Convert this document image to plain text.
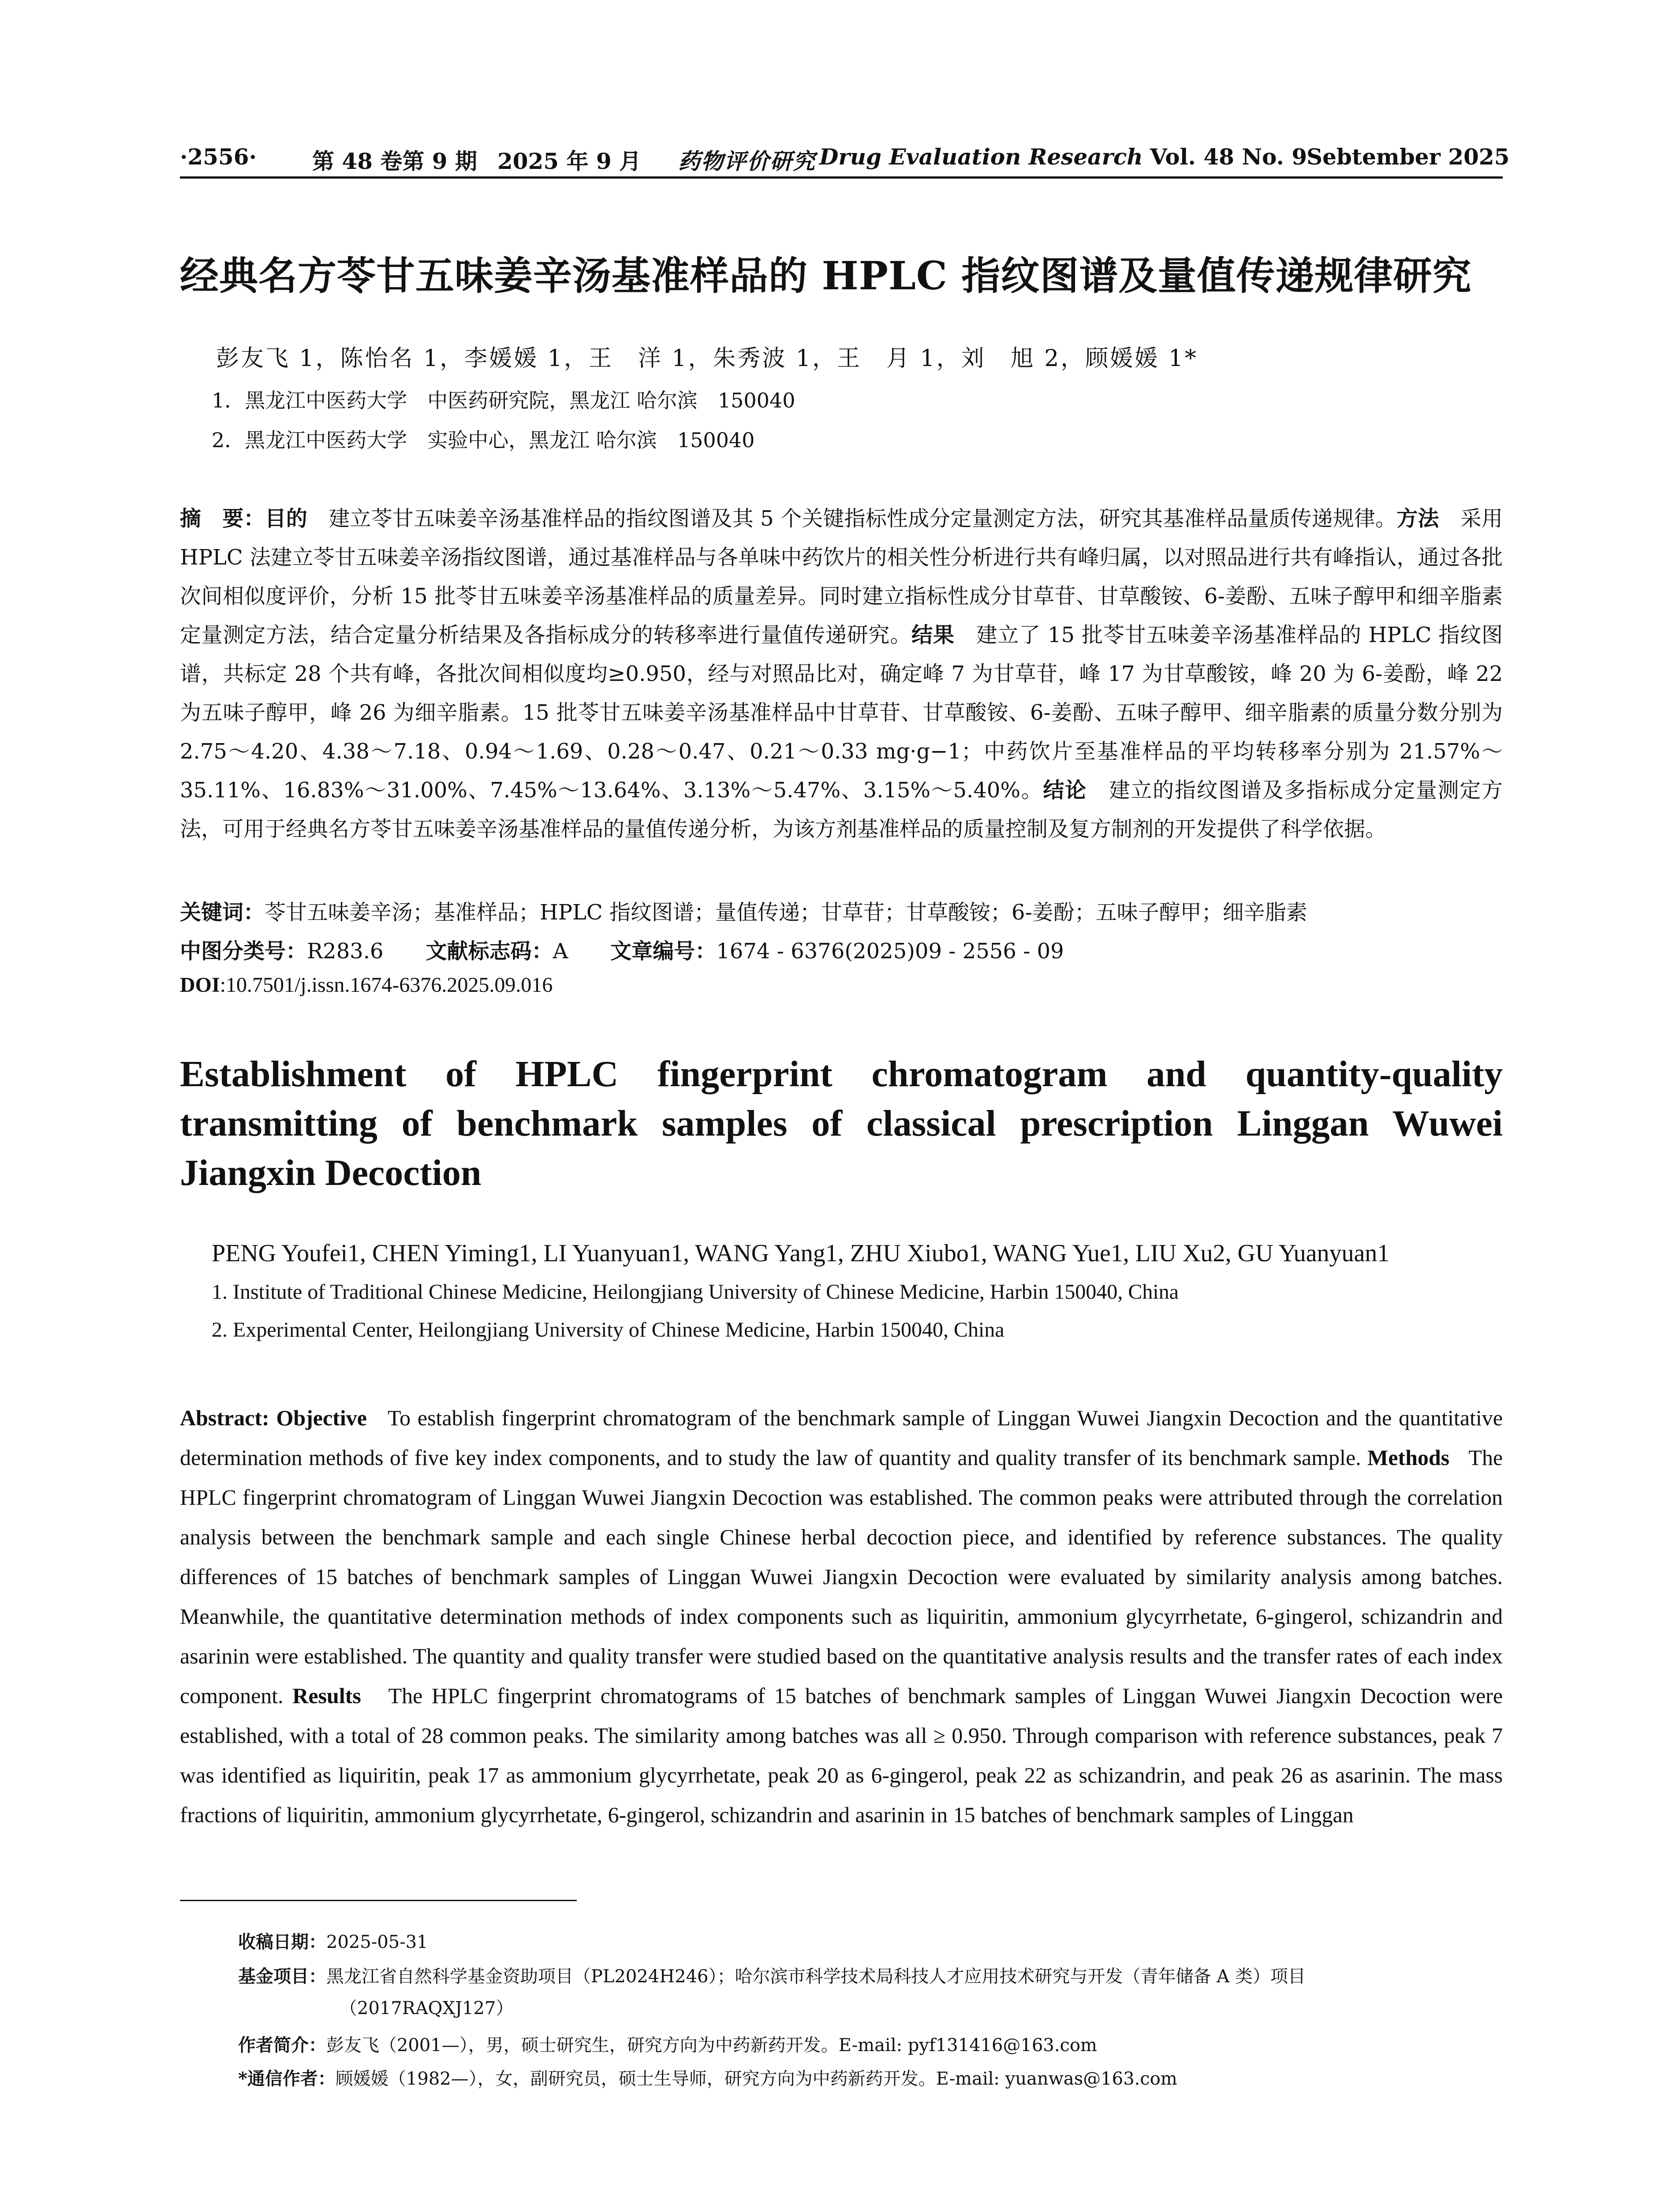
·2556·	第 48 卷第 9 期 2025 年 9 月 药物评价研究 Drug Evaluation Research Vol. 48 No. 9
Sebtember 2025
经典名方苓甘五味姜辛汤基准样品的 HPLC 指纹图谱及量值传递规律研究
彭友飞 1，陈怡名 1，李媛媛 1，王　洋 1，朱秀波 1，王　月 1，刘　旭 2，顾媛媛 1*
1．黑龙江中医药大学　中医药研究院，黑龙江 哈尔滨　150040
2．黑龙江中医药大学　实验中心，黑龙江 哈尔滨　150040
摘　要：目的　 建立苓甘五味姜辛汤基准样品的指纹图谱及其 5 个关键指标性成分定量测定方法，研究其基准样品量质传递规律。方法　 采用 HPLC 法建立苓甘五味姜辛汤指纹图谱，通过基准样品与各单味中药饮片的相关性分析进行共有峰归属，以对照品进行共有峰指认，通过各批次间相似度评价，分析 15 批苓甘五味姜辛汤基准样品的质量差异。同时建立指标性成分甘草苷、甘草酸铵、6-姜酚、五味子醇甲和细辛脂素定量测定方法，结合定量分析结果及各指标成分的转移率进行量值传递研究。结果　 建立了 15 批苓甘五味姜辛汤基准样品的 HPLC 指纹图谱，共标定 28 个共有峰，各批次间相似度均≥0.950，经与对照品比对，确定峰 7 为甘草苷，峰 17 为甘草酸铵，峰 20 为 6-姜酚，峰 22 为五味子醇甲，峰 26 为细辛脂素。15 批苓甘五味姜辛汤基准样品中甘草苷、甘草酸铵、6-姜酚、五味子醇甲、细辛脂素的质量分数分别为 2.75～4.20、4.38～7.18、0.94～1.69、0.28～0.47、0.21～0.33 mg·g−1；中药饮片至基准样品的平均转移率分别为 21.57%～35.11%、16.83%～31.00%、7.45%～13.64%、3.13%～5.47%、3.15%～5.40%。结论　 建立的指纹图谱及多指标成分定量测定方法，可用于经典名方苓甘五味姜辛汤基准样品的量值传递分析，为该方剂基准样品的质量控制及复方制剂的开发提供了科学依据。
关键词：苓甘五味姜辛汤；基准样品；HPLC 指纹图谱；量值传递；甘草苷；甘草酸铵；6-姜酚；五味子醇甲；细辛脂素
中图分类号：R283.6　　 文献标志码：A　　 文章编号：1674 - 6376(2025)09 - 2556 - 09
DOI:10.7501/j.issn.1674-6376.2025.09.016
Establishment of HPLC fingerprint chromatogram and quantity-quality transmitting of benchmark samples of classical prescription Linggan Wuwei Jiangxin Decoction
PENG Youfei1, CHEN Yiming1, LI Yuanyuan1, WANG Yang1, ZHU Xiubo1, WANG Yue1, LIU Xu2, GU Yuanyuan1
1. Institute of Traditional Chinese Medicine, Heilongjiang University of Chinese Medicine, Harbin 150040, China
2. Experimental Center, Heilongjiang University of Chinese Medicine, Harbin 150040, China
Abstract: Objective To establish fingerprint chromatogram of the benchmark sample of Linggan Wuwei Jiangxin Decoction and the quantitative determination methods of five key index components, and to study the law of quantity and quality transfer of its benchmark sample. Methods The HPLC fingerprint chromatogram of Linggan Wuwei Jiangxin Decoction was established. The common peaks were attributed through the correlation analysis between the benchmark sample and each single Chinese herbal decoction piece, and identified by reference substances. The quality differences of 15 batches of benchmark samples of Linggan Wuwei Jiangxin Decoction were evaluated by similarity analysis among batches. Meanwhile, the quantitative determination methods of index components such as liquiritin, ammonium glycyrrhetate, 6-gingerol, schizandrin and asarinin were established. The quantity and quality transfer were studied based on the quantitative analysis results and the transfer rates of each index component. Results The HPLC fingerprint chromatograms of 15 batches of benchmark samples of Linggan Wuwei Jiangxin Decoction were established, with a total of 28 common peaks. The similarity among batches was all ≥ 0.950. Through comparison with reference substances, peak 7 was identified as liquiritin, peak 17 as ammonium glycyrrhetate, peak 20 as 6-gingerol, peak 22 as schizandrin, and peak 26 as asarinin. The mass fractions of liquiritin, ammonium glycyrrhetate, 6-gingerol, schizandrin and asarinin in 15 batches of benchmark samples of Linggan
收稿日期：2025-05-31
基金项目：黑龙江省自然科学基金资助项目（PL2024H246）；哈尔滨市科学技术局科技人才应用技术研究与开发（青年储备 A 类）项目
（2017RAQXJ127）
作者简介：彭友飞（2001—），男，硕士研究生，研究方向为中药新药开发。E-mail: pyf131416@163.com
*通信作者：顾媛媛（1982—），女，副研究员，硕士生导师，研究方向为中药新药开发。E-mail: yuanwas@163.com
